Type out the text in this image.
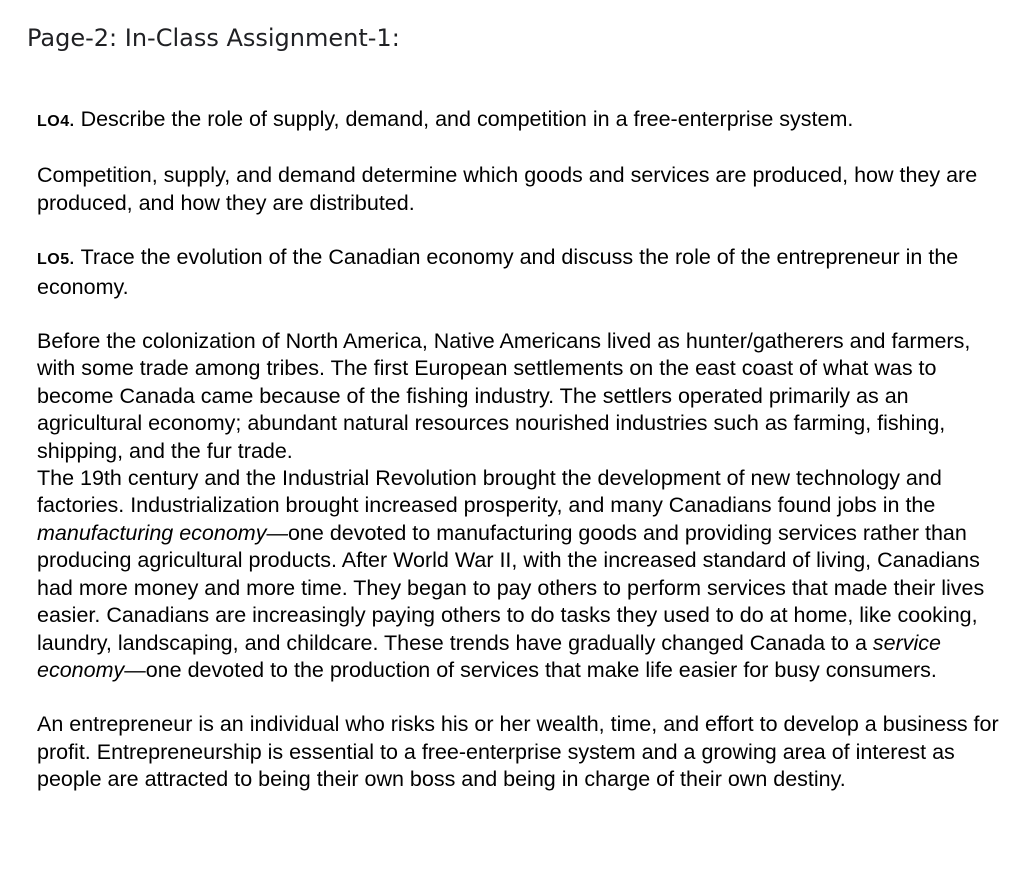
Page-2: In-Class Assignment-1:

LO4. Describe the role of supply, demand, and competition in a free-enterprise system.

Competition, supply, and demand determine which goods and services are produced, how they are produced, and how they are distributed.

LO5. Trace the evolution of the Canadian economy and discuss the role of the entrepreneur in the economy.

Before the colonization of North America, Native Americans lived as hunter/gatherers and farmers, with some trade among tribes. The first European settlements on the east coast of what was to become Canada came because of the fishing industry. The settlers operated primarily as an agricultural economy; abundant natural resources nourished industries such as farming, fishing, shipping, and the fur trade.

The 19th century and the Industrial Revolution brought the development of new technology and factories. Industrialization brought increased prosperity, and many Canadians found jobs in the manufacturing economy—one devoted to manufacturing goods and providing services rather than producing agricultural products. After World War II, with the increased standard of living, Canadians had more money and more time. They began to pay others to perform services that made their lives easier. Canadians are increasingly paying others to do tasks they used to do at home, like cooking, laundry, landscaping, and childcare. These trends have gradually changed Canada to a service economy—one devoted to the production of services that make life easier for busy consumers.

An entrepreneur is an individual who risks his or her wealth, time, and effort to develop a business for profit. Entrepreneurship is essential to a free-enterprise system and a growing area of interest as people are attracted to being their own boss and being in charge of their own destiny.
